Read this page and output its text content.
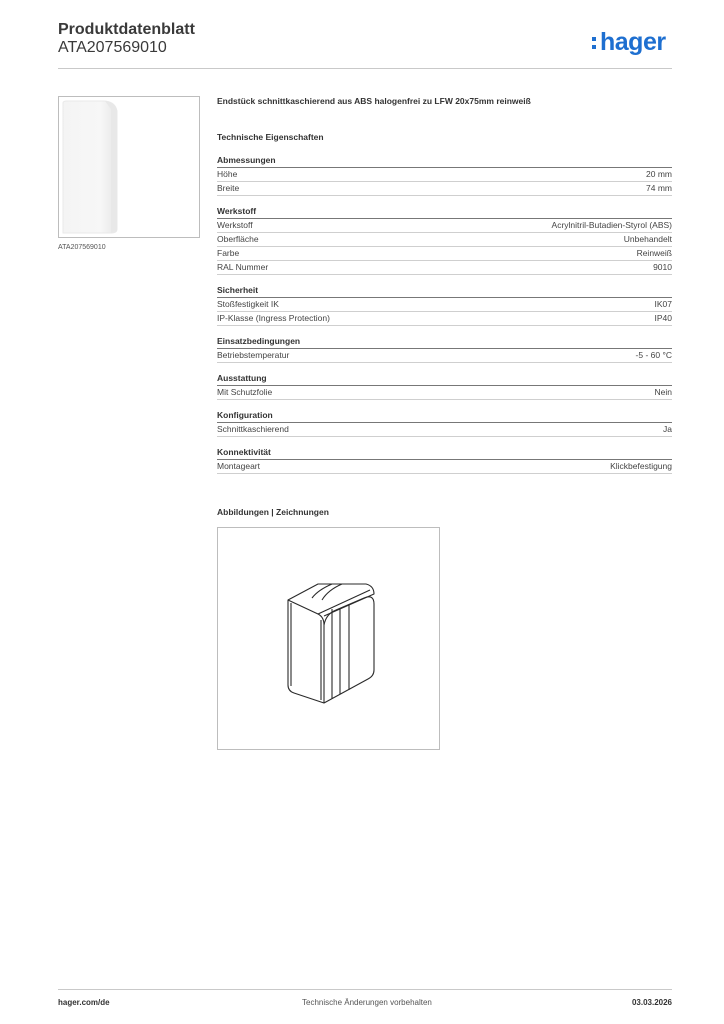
Produktdatenblatt
ATA207569010	hager
ATA207569010
Endstück schnittkaschierend aus ABS halogenfrei zu LFW 20x75mm reinweiß
Technische Eigenschaften
Abmessungen
Höhe	20 mm
Breite	74 mm
Werkstoff
Werkstoff	Acrylnitril-Butadien-Styrol (ABS)
Oberfläche	Unbehandelt
Farbe	Reinweiß
RAL Nummer	9010
Sicherheit
Stoßfestigkeit IK	IK07
IP-Klasse (Ingress Protection)	IP40
Einsatzbedingungen
Betriebstemperatur	-5 - 60 °C
Ausstattung
Mit Schutzfolie	Nein
Konfiguration
Schnittkaschierend	Ja
Konnektivität
Montageart	Klickbefestigung
Abbildungen | Zeichnungen
hager.com/de	Technische Änderungen vorbehalten	03.03.2026
